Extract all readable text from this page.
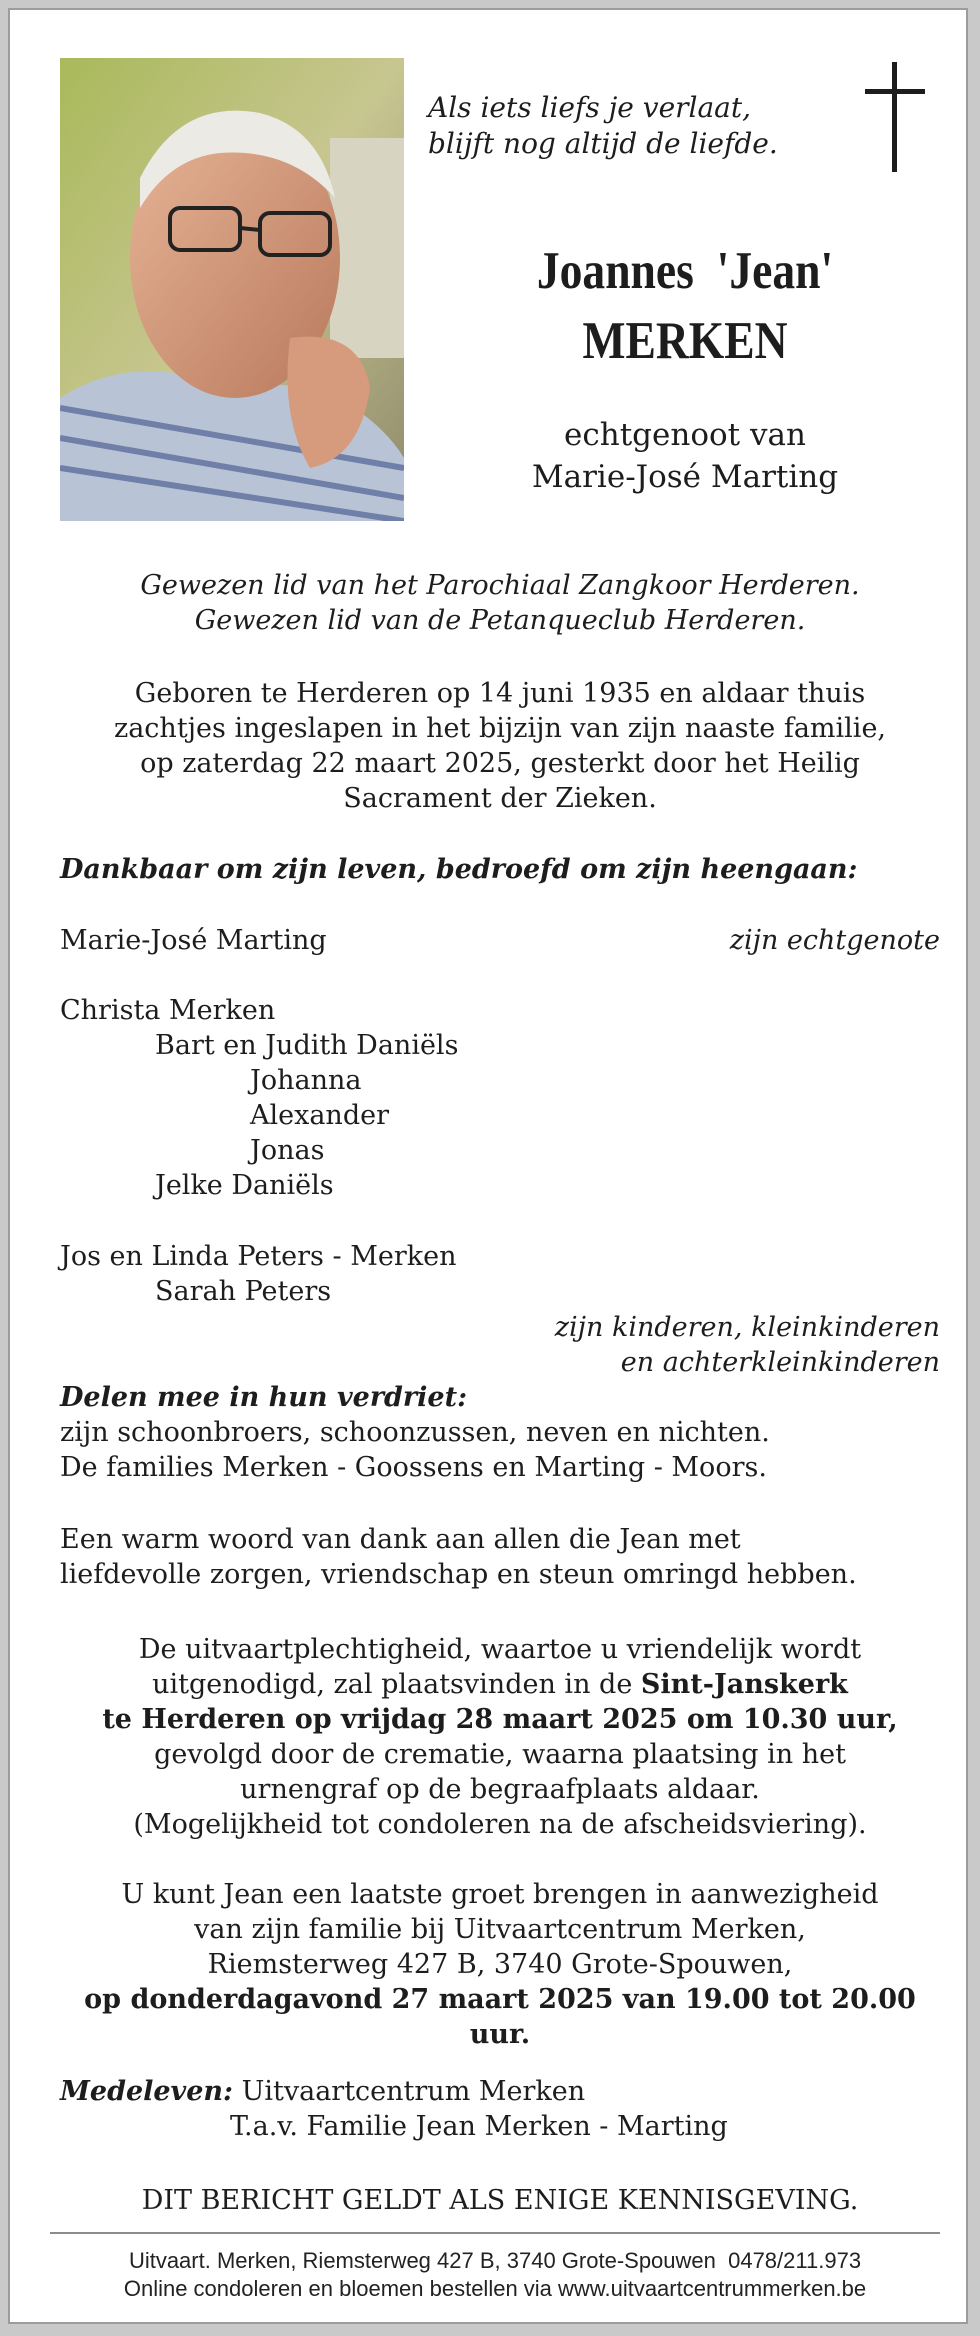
Als iets liefs je verlaat,
blijft nog altijd de liefde.
Joannes  'Jean'
MERKEN
echtgenoot van
Marie-José Marting
Gewezen lid van het Parochiaal Zangkoor Herderen.
Gewezen lid van de Petanqueclub Herderen.
Geboren te Herderen op 14 juni 1935 en aldaar thuis
zachtjes ingeslapen in het bijzijn van zijn naaste familie,
op zaterdag 22 maart 2025, gesterkt door het Heilig
Sacrament der Zieken.
Dankbaar om zijn leven, bedroefd om zijn heengaan:
Marie-José Marting	zijn echtgenote
Christa Merken
Bart en Judith Daniëls
Johanna
Alexander
Jonas
Jelke Daniëls
Jos en Linda Peters - Merken
Sarah Peters
zijn kinderen, kleinkinderen
en achterkleinkinderen
Delen mee in hun verdriet:
zijn schoonbroers, schoonzussen, neven en nichten.
De families Merken - Goossens en Marting - Moors.
Een warm woord van dank aan allen die Jean met
liefdevolle zorgen, vriendschap en steun omringd hebben.
De uitvaartplechtigheid, waartoe u vriendelijk wordt
uitgenodigd, zal plaatsvinden in de Sint-Janskerk
te Herderen op vrijdag 28 maart 2025 om 10.30 uur,
gevolgd door de crematie, waarna plaatsing in het
urnengraf op de begraafplaats aldaar.
(Mogelijkheid tot condoleren na de afscheidsviering).
U kunt Jean een laatste groet brengen in aanwezigheid
van zijn familie bij Uitvaartcentrum Merken,
Riemsterweg 427 B, 3740 Grote-Spouwen,
op donderdagavond 27 maart 2025 van 19.00 tot 20.00 uur.
Medeleven: Uitvaartcentrum Merken
T.a.v. Familie Jean Merken - Marting
DIT BERICHT GELDT ALS ENIGE KENNISGEVING.
Uitvaart. Merken, Riemsterweg 427 B, 3740 Grote-Spouwen  0478/211.973
Online condoleren en bloemen bestellen via www.uitvaartcentrummerken.be
